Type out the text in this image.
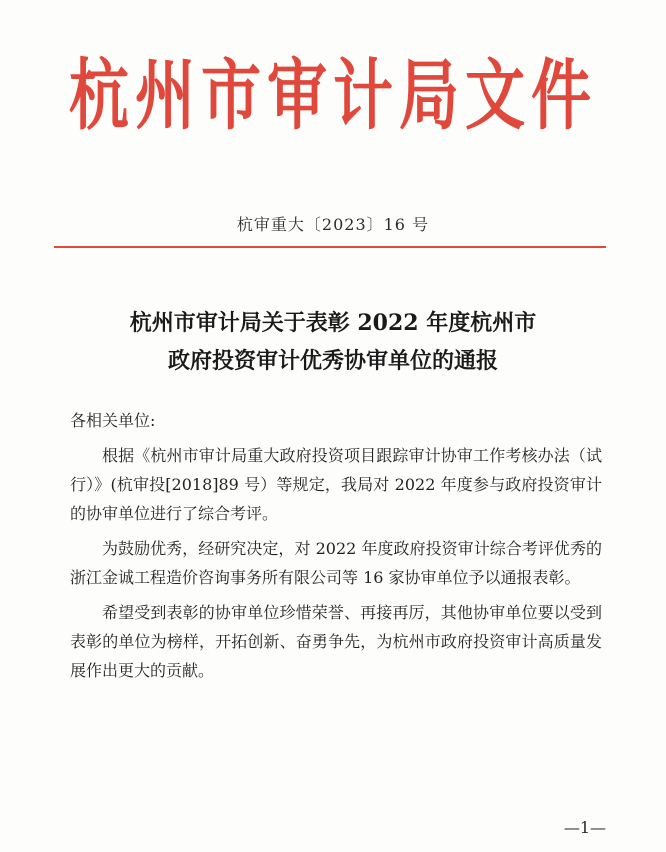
杭州市审计局文件
杭审重大〔2023〕16 号
杭州市审计局关于表彰 2022 年度杭州市
政府投资审计优秀协审单位的通报

各相关单位:

根据《杭州市审计局重大政府投资项目跟踪审计协审工作考核办法（试行）》(杭审投[2018]89 号）等规定，我局对 2022 年度参与政府投资审计的协审单位进行了综合考评。

为鼓励优秀，经研究决定，对 2022 年度政府投资审计综合考评优秀的浙江金诚工程造价咨询事务所有限公司等 16 家协审单位予以通报表彰。

希望受到表彰的协审单位珍惜荣誉、再接再厉，其他协审单位要以受到表彰的单位为榜样，开拓创新、奋勇争先，为杭州市政府投资审计高质量发展作出更大的贡献。

—1—
